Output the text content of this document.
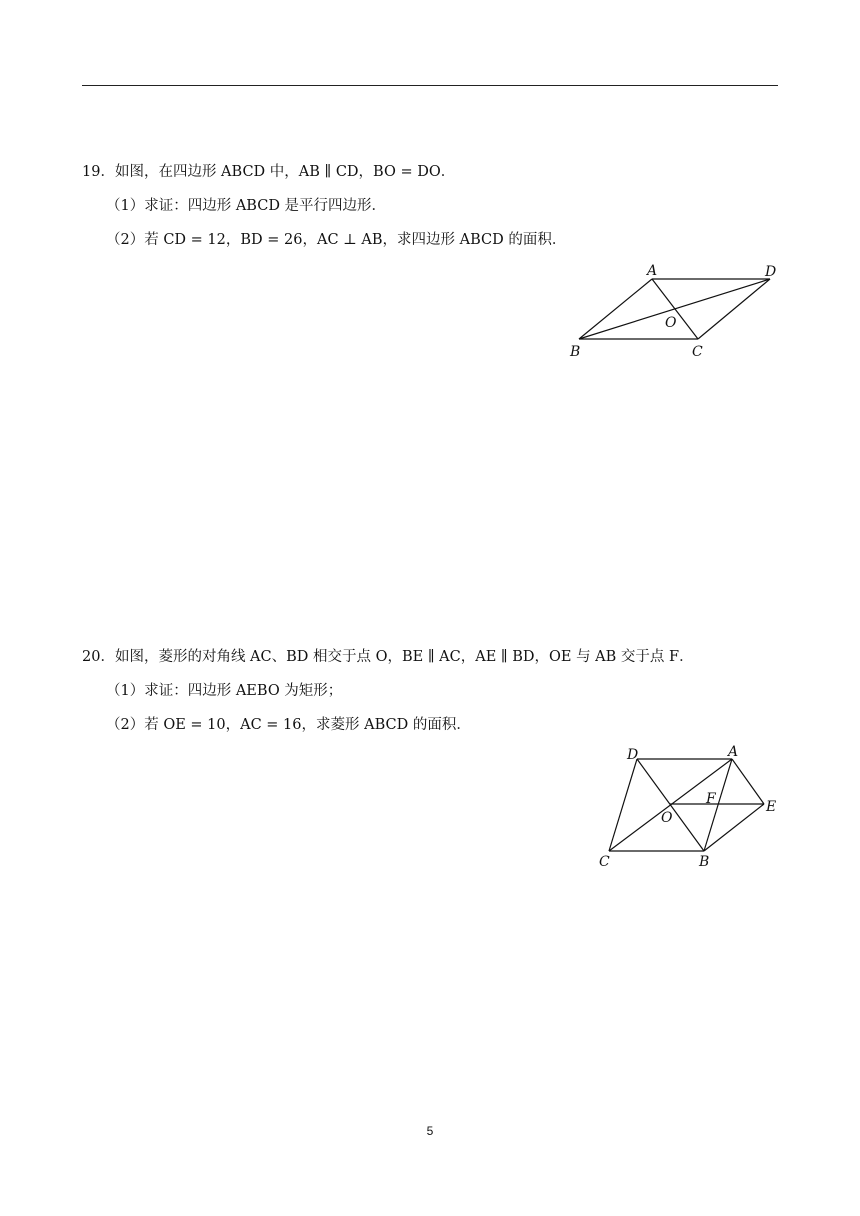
19．如图，在四边形 ABCD 中，AB ∥ CD，BO = DO．
（1）求证：四边形 ABCD 是平行四边形．
（2）若 CD = 12，BD = 26，AC ⊥ AB，求四边形 ABCD 的面积．
A	D
O
B	C
20．如图，菱形的对角线 AC、BD 相交于点 O，BE ∥ AC，AE ∥ BD，OE 与 AB 交于点 F．
（1）求证：四边形 AEBO 为矩形；
（2）若 OE = 10，AC = 16，求菱形 ABCD 的面积．
D	A
F
O
E
C	B
5
